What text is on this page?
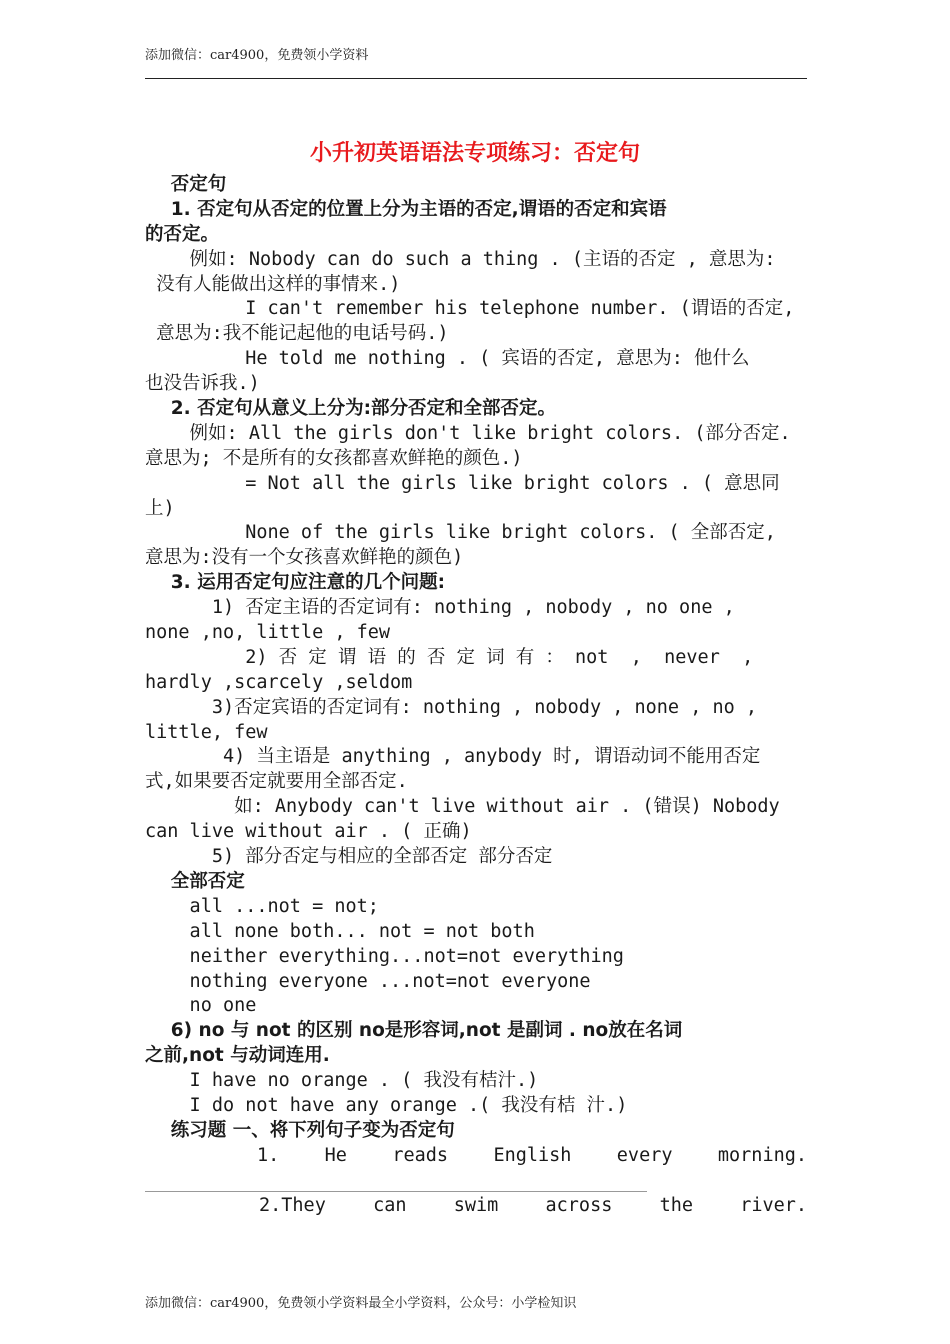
添加微信：car4900，免费领小学资料
小升初英语语法专项练习：否定句
否定句
1. 否定句从否定的位置上分为主语的否定,谓语的否定和宾语
的否定。
例如: Nobody can do such a thing . (主语的否定 , 意思为:
没有人能做出这样的事情来.)
I can't remember his telephone number. (谓语的否定,
意思为:我不能记起他的电话号码.)
He told me nothing . ( 宾语的否定, 意思为: 他什么
也没告诉我.)
2. 否定句从意义上分为:部分否定和全部否定。
例如: All the girls don't like bright colors. (部分否定.
意思为; 不是所有的女孩都喜欢鲜艳的颜色.)
= Not all the girls like bright colors . ( 意思同
上)
None of the girls like bright colors. ( 全部否定,
意思为:没有一个女孩喜欢鲜艳的颜色)
3. 运用否定句应注意的几个问题:
1) 否定主语的否定词有: nothing , nobody , no one ,
none ,no, little , few
2) 否 定 谓 语 的 否 定 词 有 ： not  ,  never  ,
hardly ,scarcely ,seldom
3)否定宾语的否定词有: nothing , nobody , none , no ,
little, few
4) 当主语是 anything , anybody 时, 谓语动词不能用否定
式,如果要否定就要用全部否定.
如: Anybody can't live without air . (错误) Nobody
can live without air . ( 正确)
5) 部分否定与相应的全部否定 部分否定
全部否定
all ...not = not;
all none both... not = not both
neither everything...not=not everything
nothing everyone ...not=not everyone
no one
6) no 与 not 的区别 no是形容词,not 是副词 . no放在名词
之前,not 与动词连用.
I have no orange . ( 我没有桔汁.)
I do not have any orange .( 我没有桔 汁.)
练习题 一、将下列句子变为否定句
1. He reads English every morning.
2.They	can	swim	across	the	river.
添加微信：car4900，免费领小学资料最全小学资料，公众号：小学检知识
